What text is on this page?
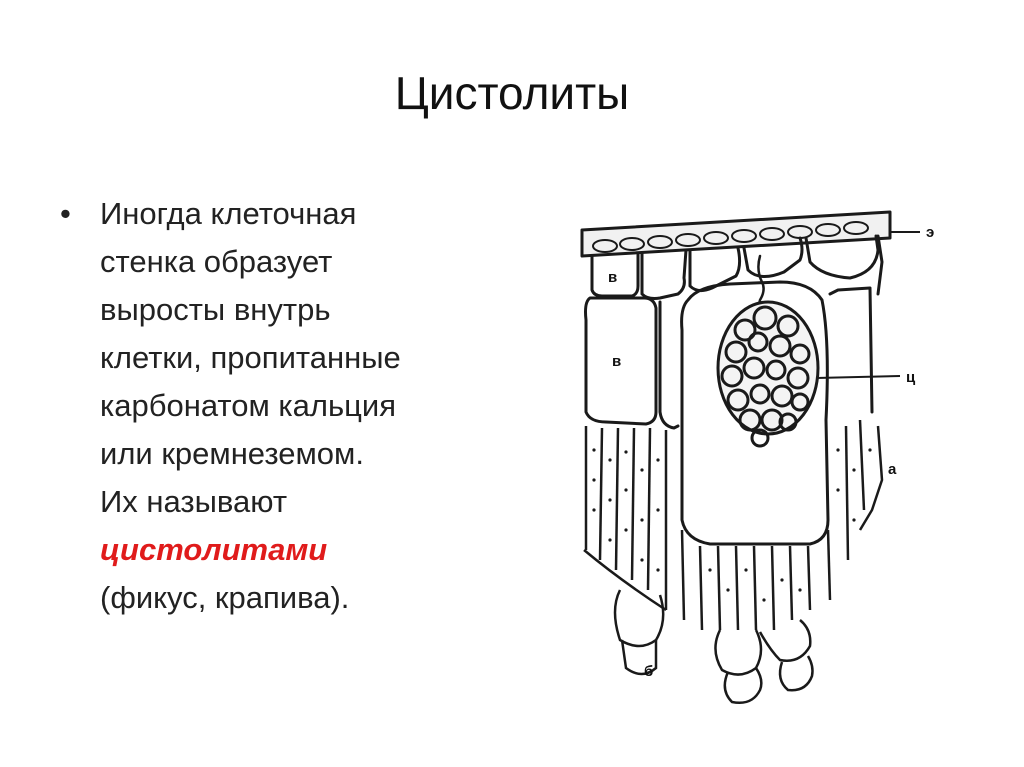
Цистолиты
• Иногда клеточная
стенка образует
выросты внутрь
клетки, пропитанные
карбонатом кальция
или кремнеземом.
Их называют
цистолитами
(фикус, крапива).
э
в
в
ц
а
б
